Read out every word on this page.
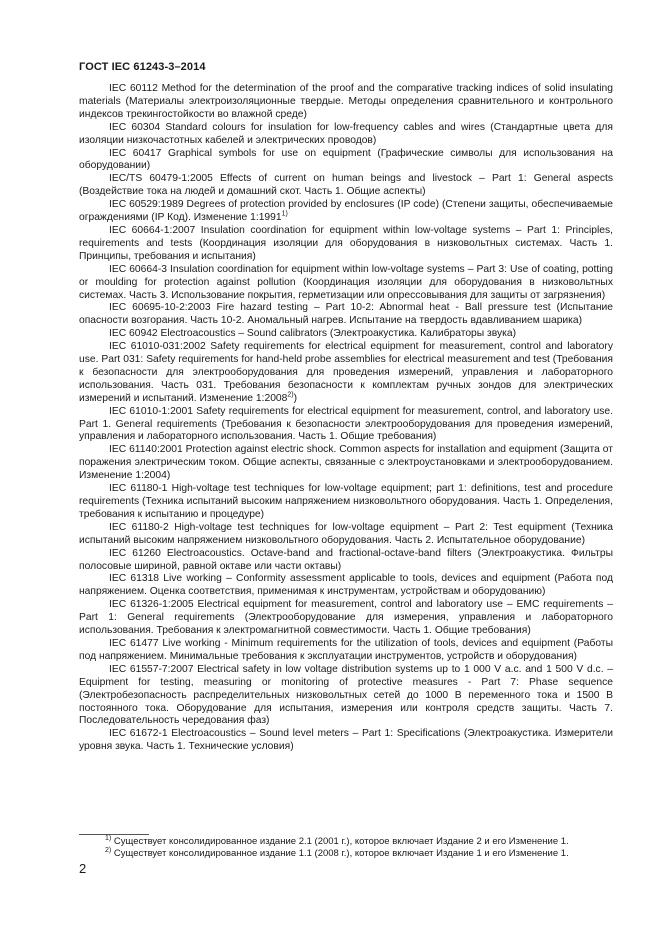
ГОСТ IEC 61243-3–2014

IEC 60112 Method for the determination of the proof and the comparative tracking indices of solid insulating materials (Материалы электроизоляционные твердые. Методы определения сравнительного и контрольного индексов трекингостойкости во влажной среде)

IEC 60304 Standard colours for insulation for low-frequency cables and wires (Стандартные цвета для изоляции низкочастотных кабелей и электрических проводов)

IEC 60417 Graphical symbols for use on equipment (Графические символы для использования на оборудовании)

IEC/TS 60479-1:2005 Effects of current on human beings and livestock – Part 1: General aspects (Воздействие тока на людей и домашний скот. Часть 1. Общие аспекты)

IEC 60529:1989 Degrees of protection provided by enclosures (IP code) (Степени защиты, обеспечиваемые ограждениями (IP Код). Изменение 1:1991$^{1)}$

IEC 60664-1:2007 Insulation coordination for equipment within low-voltage systems – Part 1: Principles, requirements and tests (Координация изоляции для оборудования в низковольтных системах. Часть 1. Принципы, требования и испытания)

IEC 60664-3 Insulation coordination for equipment within low-voltage systems – Part 3: Use of coating, potting or moulding for protection against pollution (Координация изоляции для оборудования в низковольтных системах. Часть 3. Использование покрытия, герметизации или опрессовывания для защиты от загрязнения)

IEC 60695-10-2:2003 Fire hazard testing – Part 10-2: Abnormal heat - Ball pressure test (Испытание опасности возгорания. Часть 10-2. Аномальный нагрев. Испытание на твердость вдавливанием шарика)

IEC 60942 Electroacoustics – Sound calibrators (Электроакустика. Калибраторы звука)

IEC 61010-031:2002 Safety requirements for electrical equipment for measurement, control and laboratory use. Part 031: Safety requirements for hand-held probe assemblies for electrical measurement and test (Требования к безопасности для электрооборудования для проведения измерений, управления и лабораторного использования. Часть 031. Требования безопасности к комплектам ручных зондов для электрических измерений и испытаний. Изменение 1:2008$^{2)}$)

IEC 61010-1:2001 Safety requirements for electrical equipment for measurement, control, and laboratory use. Part 1. General requirements (Требования к безопасности электрооборудования для проведения измерений, управления и лабораторного использования. Часть 1. Общие требования)

IEC 61140:2001 Protection against electric shock. Common aspects for installation and equipment (Защита от поражения электрическим током. Общие аспекты, связанные с электроустановками и электрооборудованием. Изменение 1:2004)

IEC 61180-1 High-voltage test techniques for low-voltage equipment; part 1: definitions, test and procedure requirements (Техника испытаний высоким напряжением низковольтного оборудования. Часть 1. Определения, требования к испытанию и процедуре)

IEC 61180-2 High-voltage test techniques for low-voltage equipment – Part 2: Test equipment (Техника испытаний высоким напряжением низковольтного оборудования. Часть 2. Испытательное оборудование)

IEC 61260 Electroacoustics. Octave-band and fractional-octave-band filters (Электроакустика. Фильтры полосовые шириной, равной октаве или части октавы)

IEC 61318 Live working – Conformity assessment applicable to tools, devices and equipment (Работа под напряжением. Оценка соответствия, применимая к инструментам, устройствам и оборудованию)

IEC 61326-1:2005 Electrical equipment for measurement, control and laboratory use – EMC requirements – Part 1: General requirements (Электрооборудование для измерения, управления и лабораторного использования. Требования к электромагнитной совместимости. Часть 1. Общие требования)

IEC 61477 Live working - Minimum requirements for the utilization of tools, devices and equipment (Работы под напряжением. Минимальные требования к эксплуатации инструментов, устройств и оборудования)

IEC 61557-7:2007 Electrical safety in low voltage distribution systems up to 1 000 V a.c. and 1 500 V d.c. – Equipment for testing, measuring or monitoring of protective measures - Part 7: Phase sequence (Электробезопасность распределительных низковольтных сетей до 1000 В переменного тока и 1500 В постоянного тока. Оборудование для испытания, измерения или контроля средств защиты. Часть 7. Последовательность чередования фаз)

IEC 61672-1 Electroacoustics – Sound level meters – Part 1: Specifications (Электроакустика. Измерители уровня звука. Часть 1. Технические условия)

$^{1)}$ Существует консолидированное издание 2.1 (2001 г.), которое включает Издание 2 и его Изменение 1.

$^{2)}$ Существует консолидированное издание 1.1 (2008 г.), которое включает Издание 1 и его Изменение 1.

2
